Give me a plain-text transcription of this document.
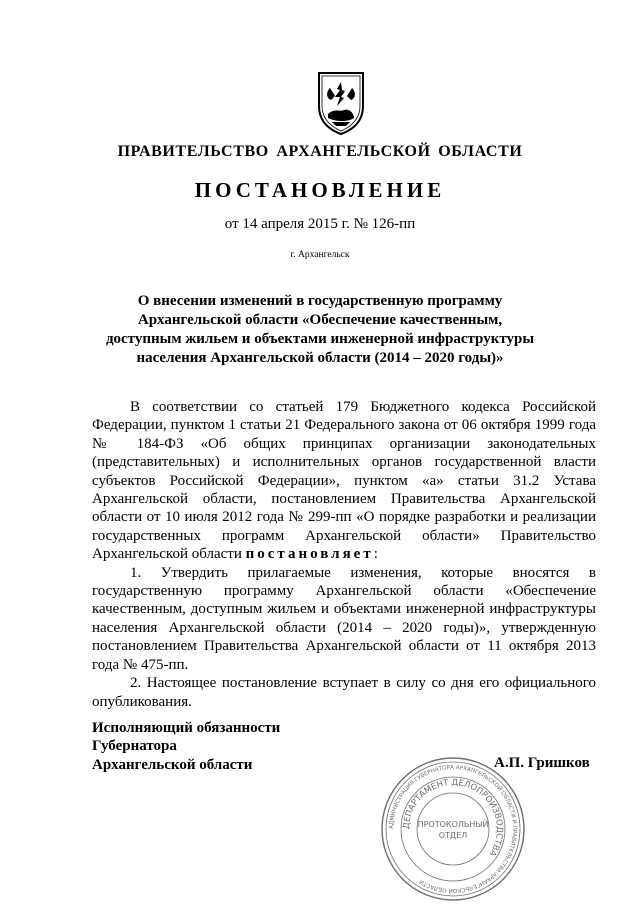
ПРАВИТЕЛЬСТВО АРХАНГЕЛЬСКОЙ ОБЛАСТИ
ПОСТАНОВЛЕНИЕ
от 14 апреля 2015 г. № 126-пп
г. Архангельск
О внесении изменений в государственную программу
Архангельской области «Обеспечение качественным,
доступным жильем и объектами инженерной инфраструктуры
населения Архангельской области (2014 – 2020 годы)»

В соответствии со статьей 179 Бюджетного кодекса Российской Федерации, пунктом 1 статьи 21 Федерального закона от 06 октября 1999 года № 184-ФЗ «Об общих принципах организации законодательных (представительных) и исполнительных органов государственной власти субъектов Российской Федерации», пунктом «а» статьи 31.2 Устава Архангельской области, постановлением Правительства Архангельской области от 10 июля 2012 года № 299-пп «О порядке разработки и реализации государственных программ Архангельской области» Правительство Архангельской области постановляет:

1. Утвердить прилагаемые изменения, которые вносятся в государственную программу Архангельской области «Обеспечение качественным, доступным жильем и объектами инженерной инфраструктуры населения Архангельской области (2014 – 2020 годы)», утвержденную постановлением Правительства Архангельской области от 11 октября 2013 года № 475-пп.

2. Настоящее постановление вступает в силу со дня его официального опубликования.

Исполняющий обязанности
Губернатора
Архангельской области	А.П. Гришков
АДМИНИСТРАЦИЯ ГУБЕРНАТОРА АРХАНГЕЛЬСКОЙ ОБЛАСТИ И ПРАВИТЕЛЬСТВА АРХАНГЕЛЬСКОЙ ОБЛАСТИ
ДЕПАРТАМЕНТ ДЕЛОПРОИЗВОДСТВА
ПРОТОКОЛЬНЫЙ
ОТДЕЛ
